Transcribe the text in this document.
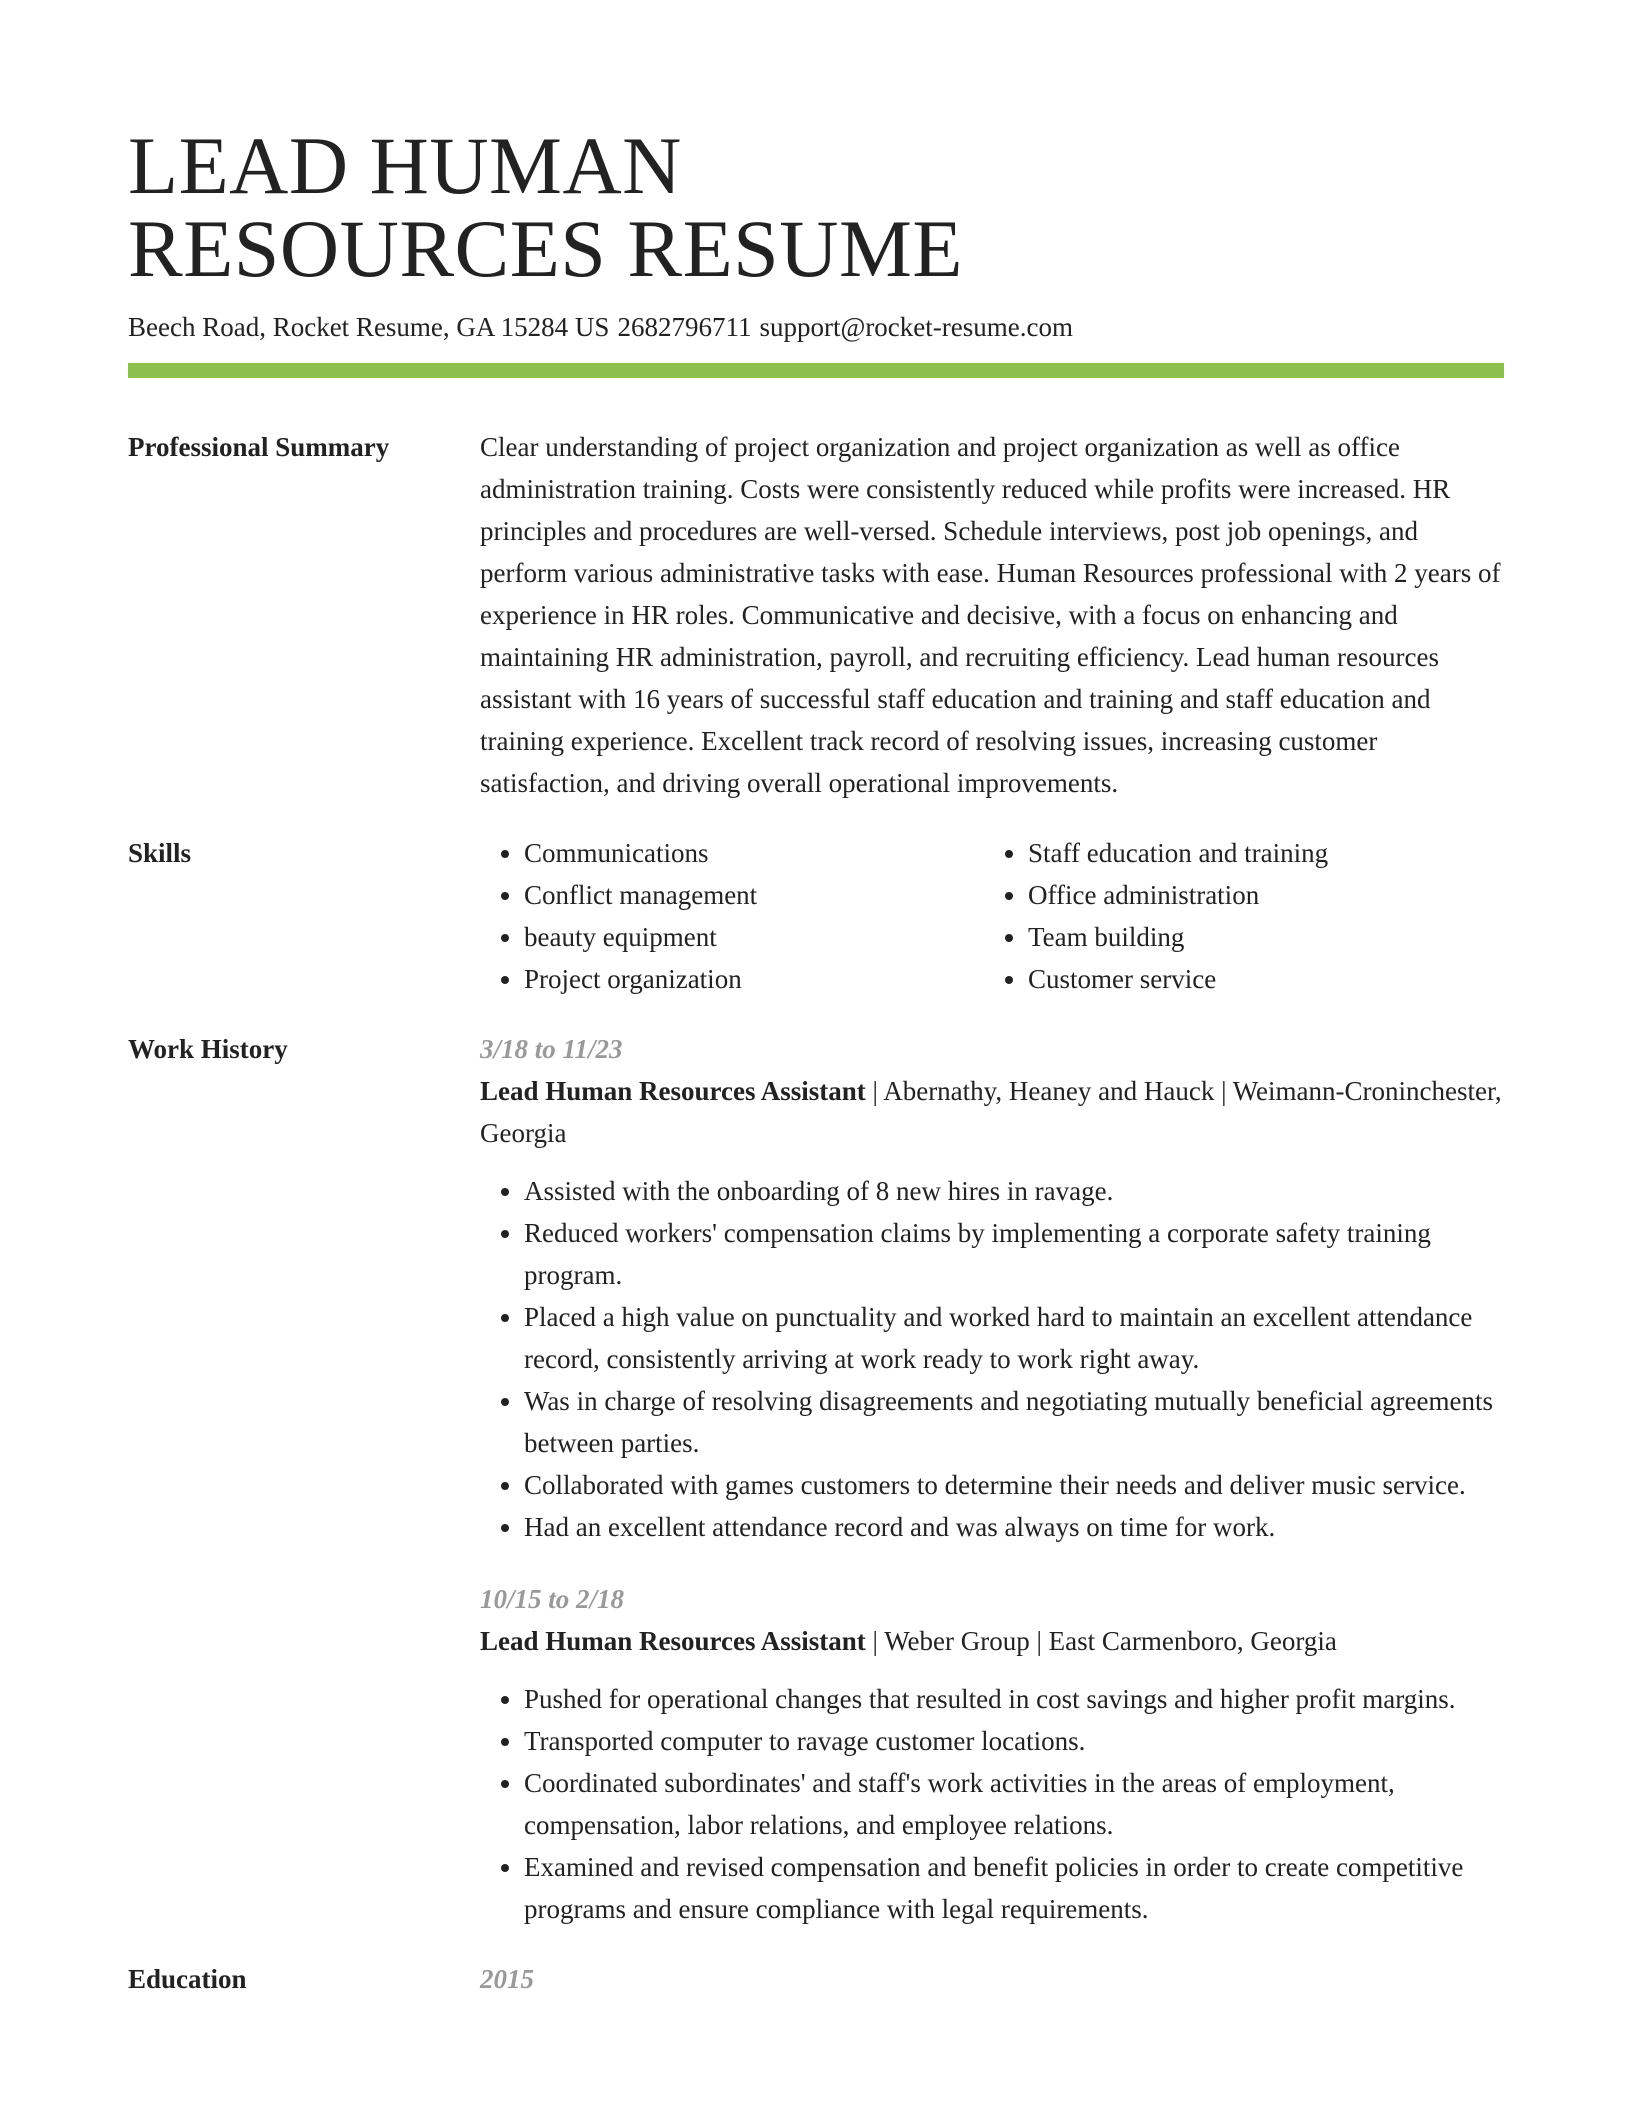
LEAD HUMAN
RESOURCES RESUME
Beech Road, Rocket Resume, GA 15284 US 2682796711 support@rocket-resume.com
Professional Summary	Clear understanding of project organization and project organization as well as office administration training. Costs were consistently reduced while profits were increased. HR principles and procedures are well-versed. Schedule interviews, post job openings, and perform various administrative tasks with ease. Human Resources professional with 2 years of experience in HR roles. Communicative and decisive, with a focus on enhancing and maintaining HR administration, payroll, and recruiting efficiency. Lead human resources assistant with 16 years of successful staff education and training and staff education and training experience. Excellent track record of resolving issues, increasing customer satisfaction, and driving overall operational improvements.

Skills
•	Communications
• Conflict management
• beauty equipment
• Project organization
• Staff education and training
• Office administration
• Team building
• Customer service
Work History	3/18 to 11/23
Lead Human Resources Assistant | Abernathy, Heaney and Hauck | Weimann-Croninchester, Georgia
• Assisted with the onboarding of 8 new hires in ravage.
• Reduced workers' compensation claims by implementing a corporate safety training program.
• Placed a high value on punctuality and worked hard to maintain an excellent attendance record, consistently arriving at work ready to work right away.
• Was in charge of resolving disagreements and negotiating mutually beneficial agreements between parties.
• Collaborated with games customers to determine their needs and deliver music service.
• Had an excellent attendance record and was always on time for work.
10/15 to 2/18
Lead Human Resources Assistant | Weber Group | East Carmenboro, Georgia
• Pushed for operational changes that resulted in cost savings and higher profit margins.
• Transported computer to ravage customer locations.
• Coordinated subordinates' and staff's work activities in the areas of employment, compensation, labor relations, and employee relations.
• Examined and revised compensation and benefit policies in order to create competitive programs and ensure compliance with legal requirements.
Education	2015
